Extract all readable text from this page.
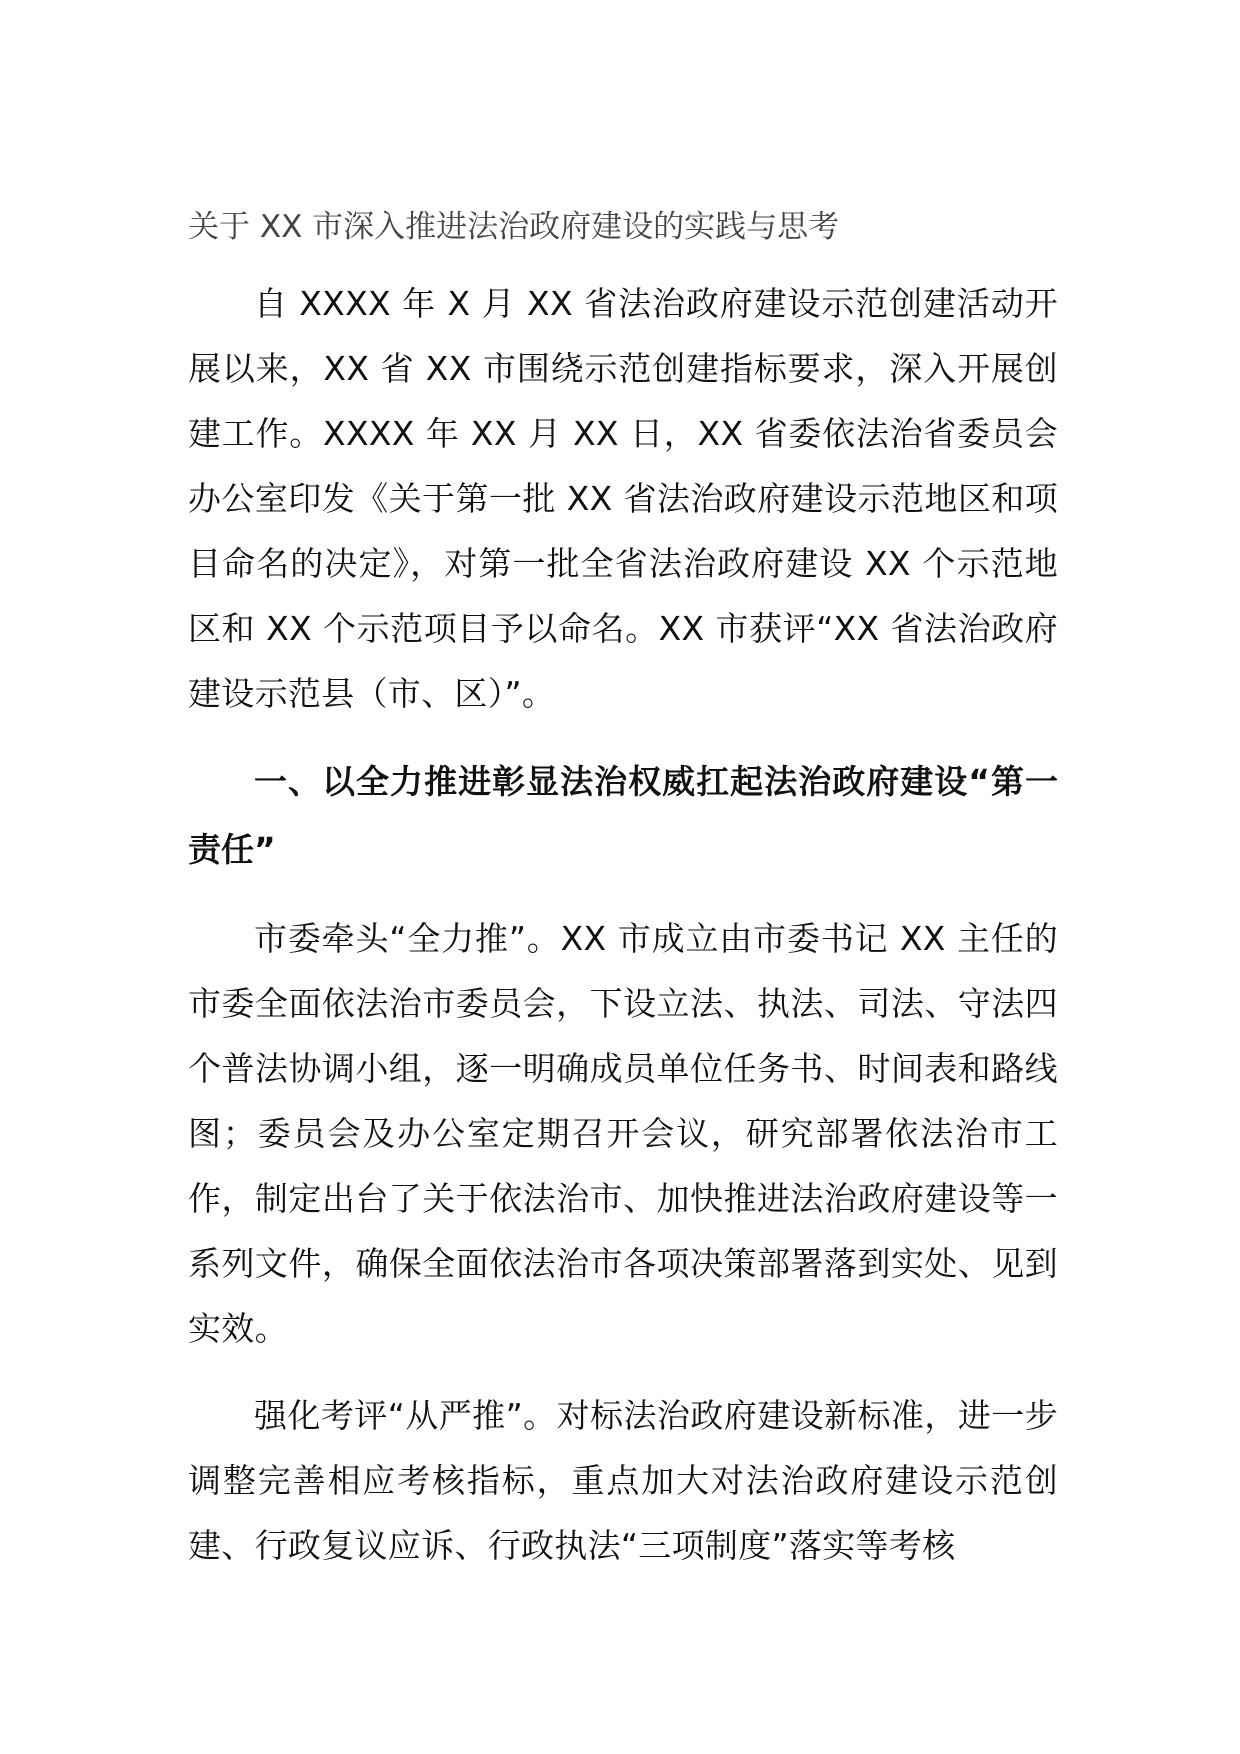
关于 XX 市深入推进法治政府建设的实践与思考

自 XXXX 年 X 月 XX 省法治政府建设示范创建活动开展以来，XX 省 XX 市围绕示范创建指标要求，深入开展创建工作。XXXX 年 XX 月 XX 日，XX 省委依法治省委员会办公室印发《关于第一批 XX 省法治政府建设示范地区和项目命名的决定》，对第一批全省法治政府建设 XX 个示范地区和 XX 个示范项目予以命名。XX 市获评“XX 省法治政府建设示范县（市、区）”。

一、以全力推进彰显法治权威扛起法治政府建设“第一责任”

市委牵头“全力推”。XX 市成立由市委书记 XX 主任的市委全面依法治市委员会，下设立法、执法、司法、守法四个普法协调小组，逐一明确成员单位任务书、时间表和路线图；委员会及办公室定期召开会议，研究部署依法治市工作，制定出台了关于依法治市、加快推进法治政府建设等一系列文件，确保全面依法治市各项决策部署落到实处、见到实效。

强化考评“从严推”。对标法治政府建设新标准，进一步调整完善相应考核指标，重点加大对法治政府建设示范创建、行政复议应诉、行政执法“三项制度”落实等考核
